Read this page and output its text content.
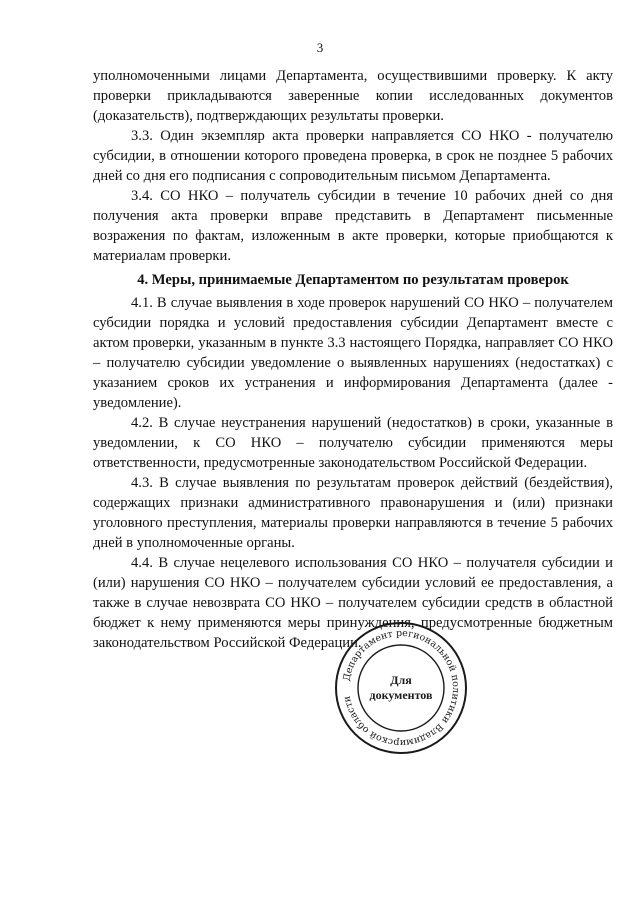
3

уполномоченными лицами Департамента, осуществившими проверку. К акту проверки прикладываются заверенные копии исследованных документов (доказательств), подтверждающих результаты проверки.

3.3. Один экземпляр акта проверки направляется СО НКО - получателю субсидии, в отношении которого проведена проверка, в срок не позднее 5 рабочих дней со дня его подписания с сопроводительным письмом Департамента.

3.4. СО НКО – получатель субсидии в течение 10 рабочих дней со дня получения акта проверки вправе представить в Департамент письменные возражения по фактам, изложенным в акте проверки, которые приобщаются к материалам проверки.

4. Меры, принимаемые Департаментом по результатам проверок

4.1. В случае выявления в ходе проверок нарушений СО НКО – получателем субсидии порядка и условий предоставления субсидии Департамент вместе с актом проверки, указанным в пункте 3.3 настоящего Порядка, направляет СО НКО – получателю субсидии уведомление о выявленных нарушениях (недостатках) с указанием сроков их устранения и информирования Департамента (далее - уведомление).

4.2. В случае неустранения нарушений (недостатков) в сроки, указанные в уведомлении, к СО НКО – получателю субсидии применяются меры ответственности, предусмотренные законодательством Российской Федерации.

4.3. В случае выявления по результатам проверок действий (бездействия), содержащих признаки административного правонарушения и (или) признаки уголовного преступления, материалы проверки направляются в течение 5 рабочих дней в уполномоченные органы.

4.4. В случае нецелевого использования СО НКО – получателя субсидии и (или) нарушения СО НКО – получателем субсидии условий ее предоставления, а также в случае невозврата СО НКО – получателем субсидии средств в областной бюджет к нему применяются меры принуждения, предусмотренные бюджетным законодательством Российской Федерации.

Департамент региональной политики Владимирской области
Для
документов
